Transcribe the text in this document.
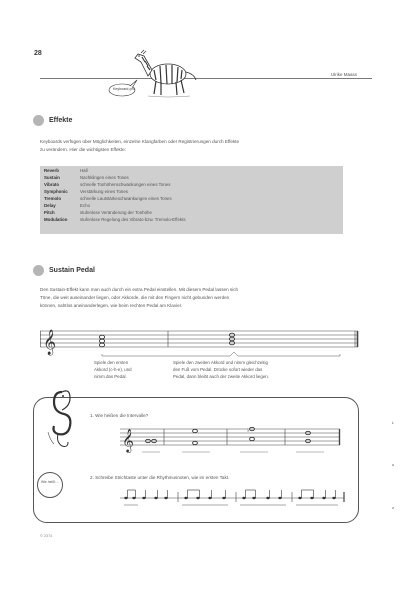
28
Ulrike Maass
Keyboard-pro
Effekte
Keyboards verfügen über Möglichkeiten, einzelne Klangfarben oder Registrierungen durch Effekte
zu verändern. Hier die wichtigsten Effekte:
Reverb	Hall
Sustain	Nachklingen eines Tones
Vibrato	schnelle Tonhöhenschwankungen eines Tones
Symphonic	Verstärkung eines Tones
Tremolo	schnelle Lautstärkeschwankungen eines Tones
Delay	Echo
Pitch	stufenlose Veränderung der Tonhöhe
Modulation	stufenlose Regelung des Vibrato-bzw. Tremolo-Effekts
Sustain Pedal
Den Sustain-Effekt kann man auch durch ein extra Pedal einstellen. Mit diesem Pedal lassen sich
Töne, die weit auseinander liegen, oder Akkorde, die mit den Fingern nicht gebunden werden
können, nahtlos aneinanderlegen, wie beim rechten Pedal am Klavier.
𝄞
Spiele den ersten
Akkord (c-h-e), und
nimm das Pedal.
Spiele den zweiten Akkord und nimm gleichzeitig
den Fuß vom Pedal. Drücke sofort wieder das
Pedal, dann bleibt auch der zweite Akkord liegen.
Wie heißt ...
1. Wie heißen die Intervalle?
𝄞	♭
2. Schreibe Strichtaste unter die Rhythmusnoten, wie im ersten Takt.
© 2374
L
u
z
